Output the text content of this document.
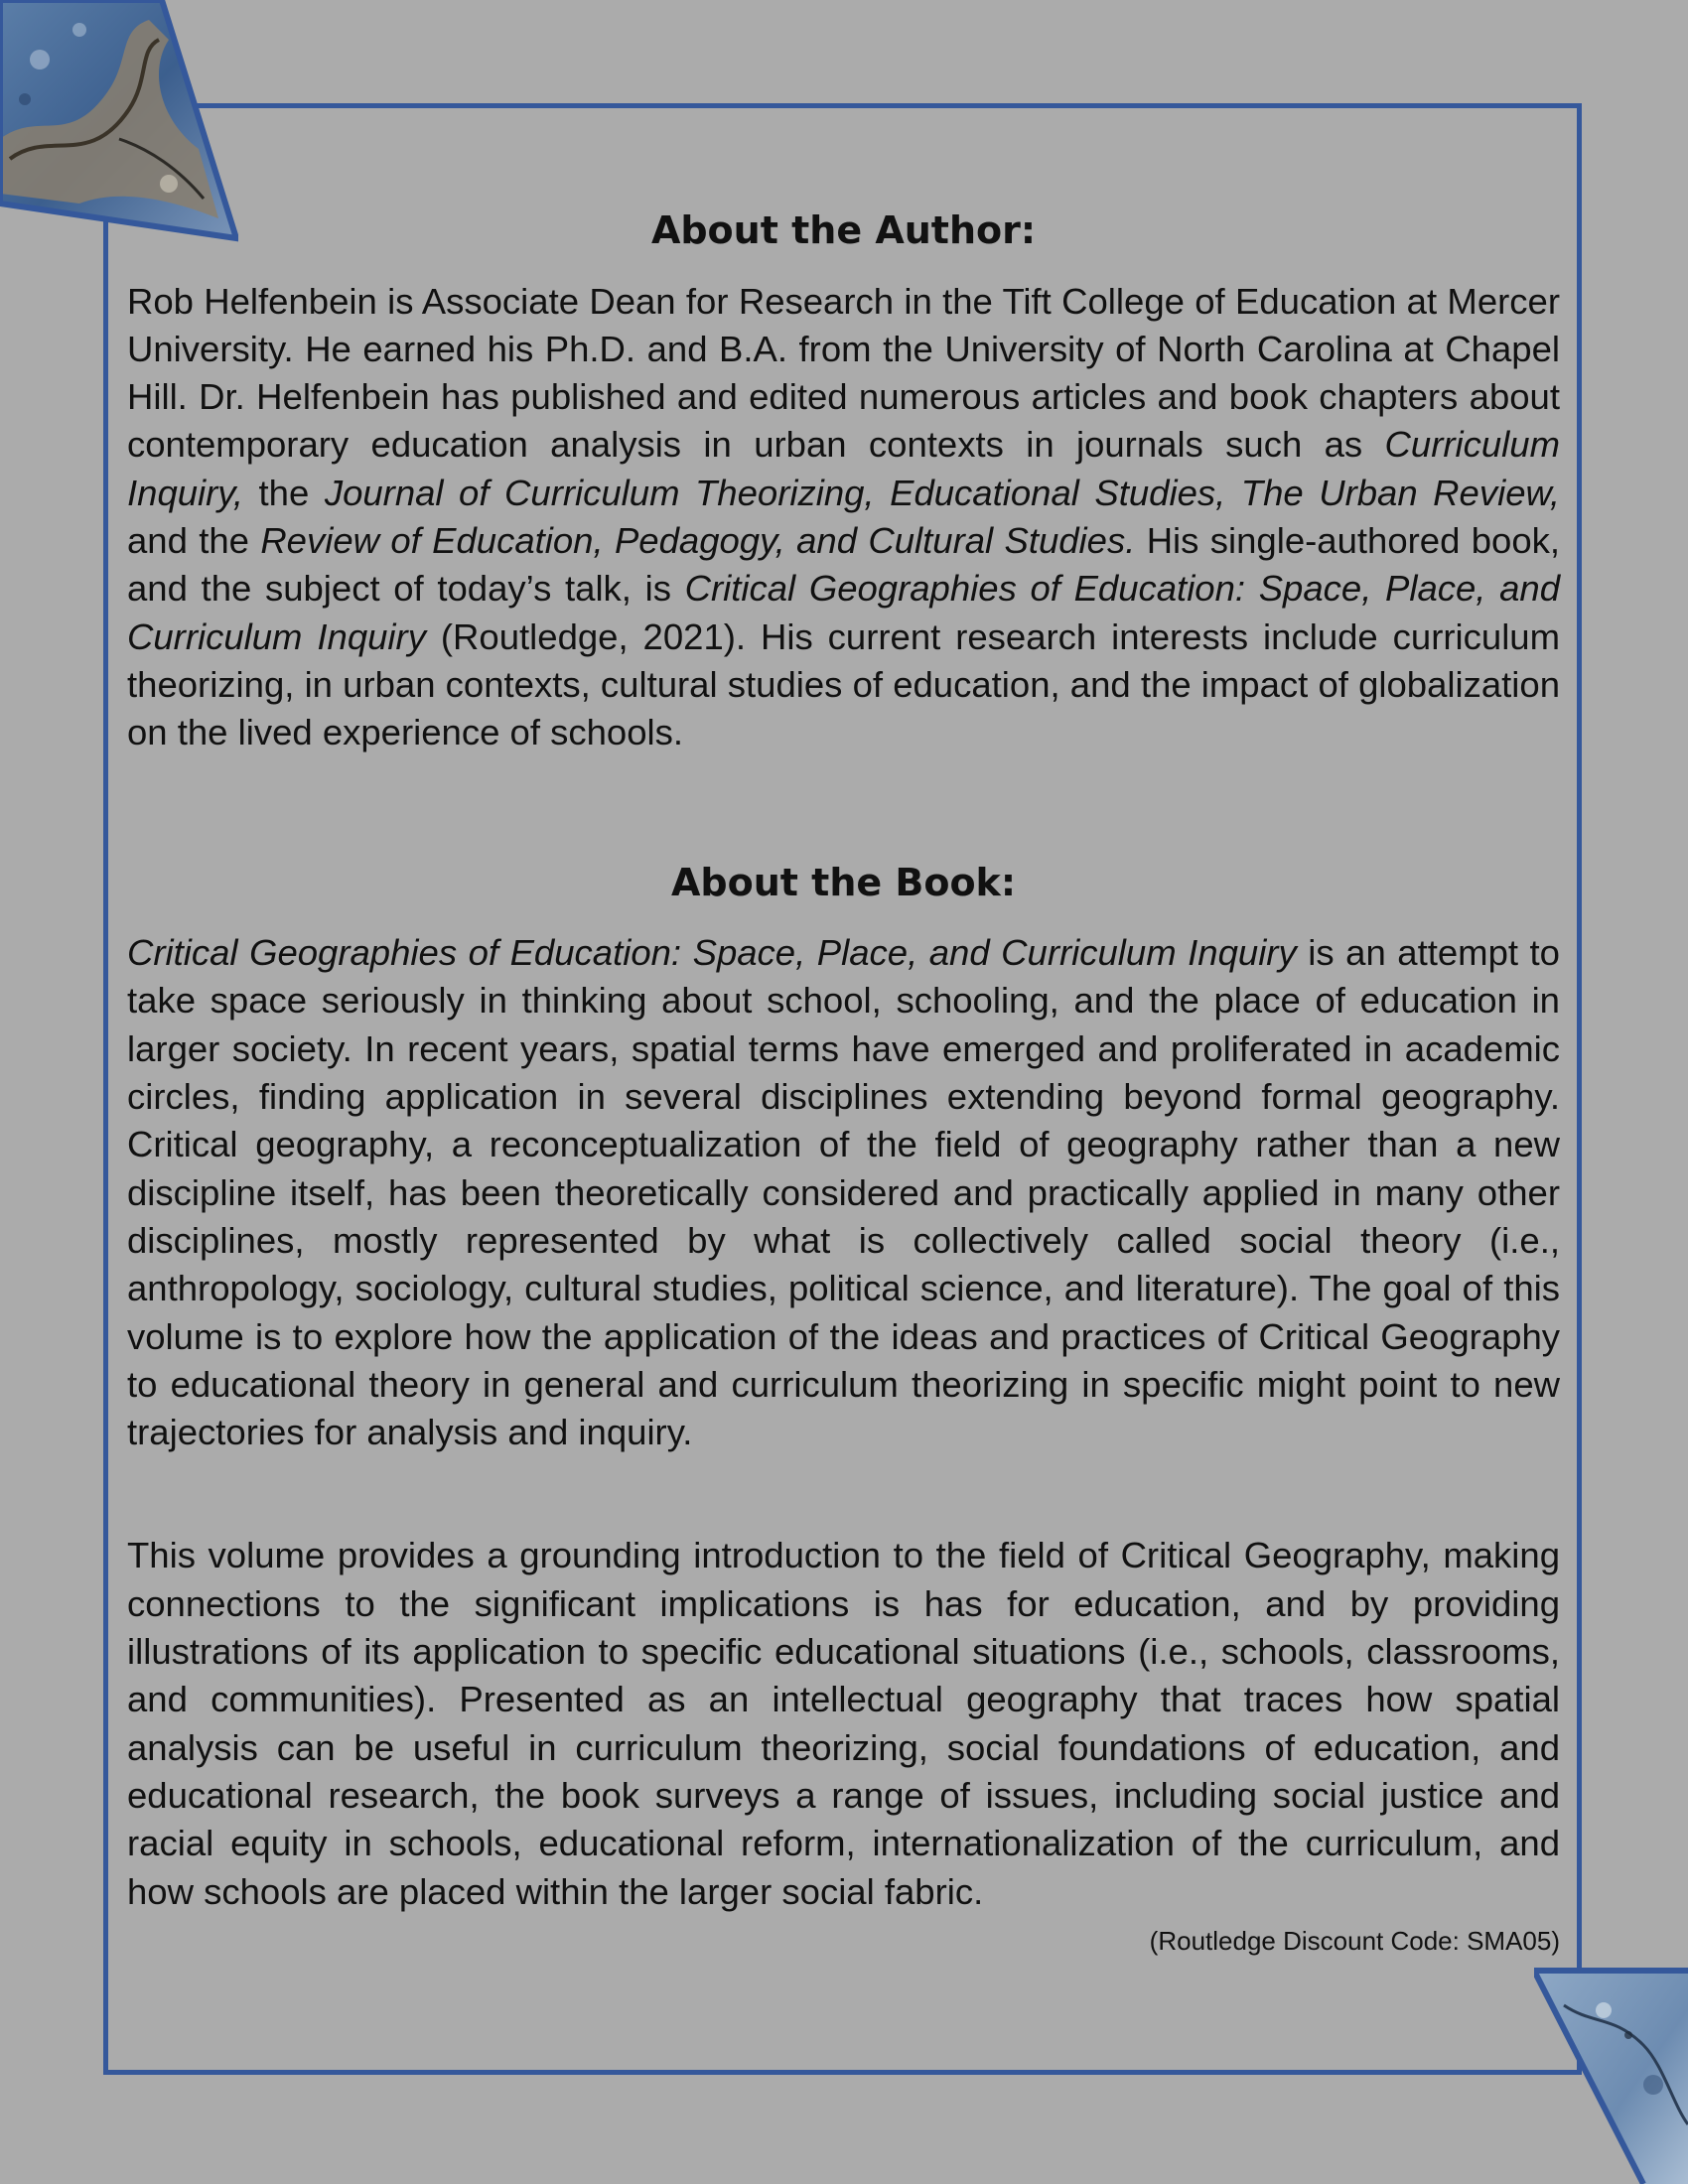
About the Author:

Rob Helfenbein is Associate Dean for Research in the Tift College of Education at Mercer University. He earned his Ph.D. and B.A. from the University of North Carolina at Chapel Hill. Dr. Helfenbein has published and edited numerous articles and book chapters about contemporary education analysis in urban contexts in journals such as Curriculum Inquiry, the Journal of Curriculum Theorizing, Educational Studies, The Urban Review, and the Review of Education, Pedagogy, and Cultural Studies. His single-authored book, and the subject of today’s talk, is Critical Geographies of Education: Space, Place, and Curriculum Inquiry (Routledge, 2021). His current research interests include curriculum theorizing, in urban contexts, cultural studies of education, and the impact of globalization on the lived experience of schools.

About the Book:

Critical Geographies of Education: Space, Place, and Curriculum Inquiry is an attempt to take space seriously in thinking about school, schooling, and the place of education in larger society. In recent years, spatial terms have emerged and proliferated in academic circles, finding application in several disciplines extending beyond formal geography. Critical geography, a reconceptualization of the field of geography rather than a new discipline itself, has been theoretically considered and practically applied in many other disciplines, mostly represented by what is collectively called social theory (i.e., anthropology, sociology, cultural studies, political science, and literature). The goal of this volume is to explore how the application of the ideas and practices of Critical Geography to educational theory in general and curriculum theorizing in specific might point to new trajectories for analysis and inquiry.

This volume provides a grounding introduction to the field of Critical Geography, making connections to the significant implications is has for education, and by providing illustrations of its application to specific educational situations (i.e., schools, classrooms, and communities). Presented as an intellectual geography that traces how spatial analysis can be useful in curriculum theorizing, social foundations of education, and educational research, the book surveys a range of issues, including social justice and racial equity in schools, educational reform, internationalization of the curriculum, and how schools are placed within the larger social fabric.

(Routledge Discount Code: SMA05)
